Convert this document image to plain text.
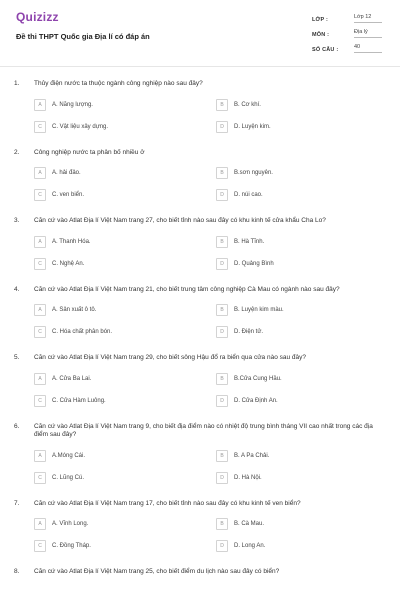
Quizizz
Đề thi THPT Quốc gia Địa lí có đáp án
LỚP :	Lớp 12
MÔN :	Địa lý
SỐ CÂU :	40
1. Thủy điện nước ta thuộc ngành công nghiệp nào sau đây?
A	A. Năng lượng.	B	B. Cơ khí.
C	C. Vật liệu xây dựng.	D	D. Luyện kim.
2. Công nghiệp nước ta phân bố nhiều ở
A	A. hải đảo.	B	B.sơn nguyên.
C	C. ven biển.	D	D. núi cao.
3. Căn cứ vào Atlat Địa lí Việt Nam trang 27, cho biết tỉnh nào sau đây có khu kinh tế cửa khẩu Cha Lo?
A	A. Thanh Hóa.	B	B. Hà Tĩnh.
C	C. Nghệ An.	D	D. Quảng Bình
4. Căn cứ vào Atlat Địa lí Việt Nam trang 21, cho biết trung tâm công nghiệp Cà Mau có ngành nào sau đây?
A	A. Sản xuất ô tô.	B	B. Luyện kim màu.
C	C. Hóa chất phân bón.	D	D. Điện tử.
5. Căn cứ vào Atlat Địa lí Việt Nam trang 29, cho biết sông Hậu đổ ra biển qua cửa nào sau đây?
A	A. Cửa Ba Lai.	B	B.Cửa Cung Hầu.
C	C. Cửa Hàm Luông.	D	D. Cửa Định An.
6. Căn cứ vào Atlat Địa lí Việt Nam trang 9, cho biết địa điểm nào có nhiệt độ trung bình tháng VII cao nhất trong các địa điểm sau đây?
A	A.Móng Cái.	B	B. A Pa Chải.
C	C. Lũng Cú.	D	D. Hà Nội.
7. Căn cứ vào Atlat Địa lí Việt Nam trang 17, cho biết tỉnh nào sau đây có khu kinh tế ven biển?
A	A. Vĩnh Long.	B	B. Cà Mau.
C	C. Đồng Tháp.	D	D. Long An.
8. Căn cứ vào Atlat Địa lí Việt Nam trang 25, cho biết điểm du lịch nào sau đây có biển?
